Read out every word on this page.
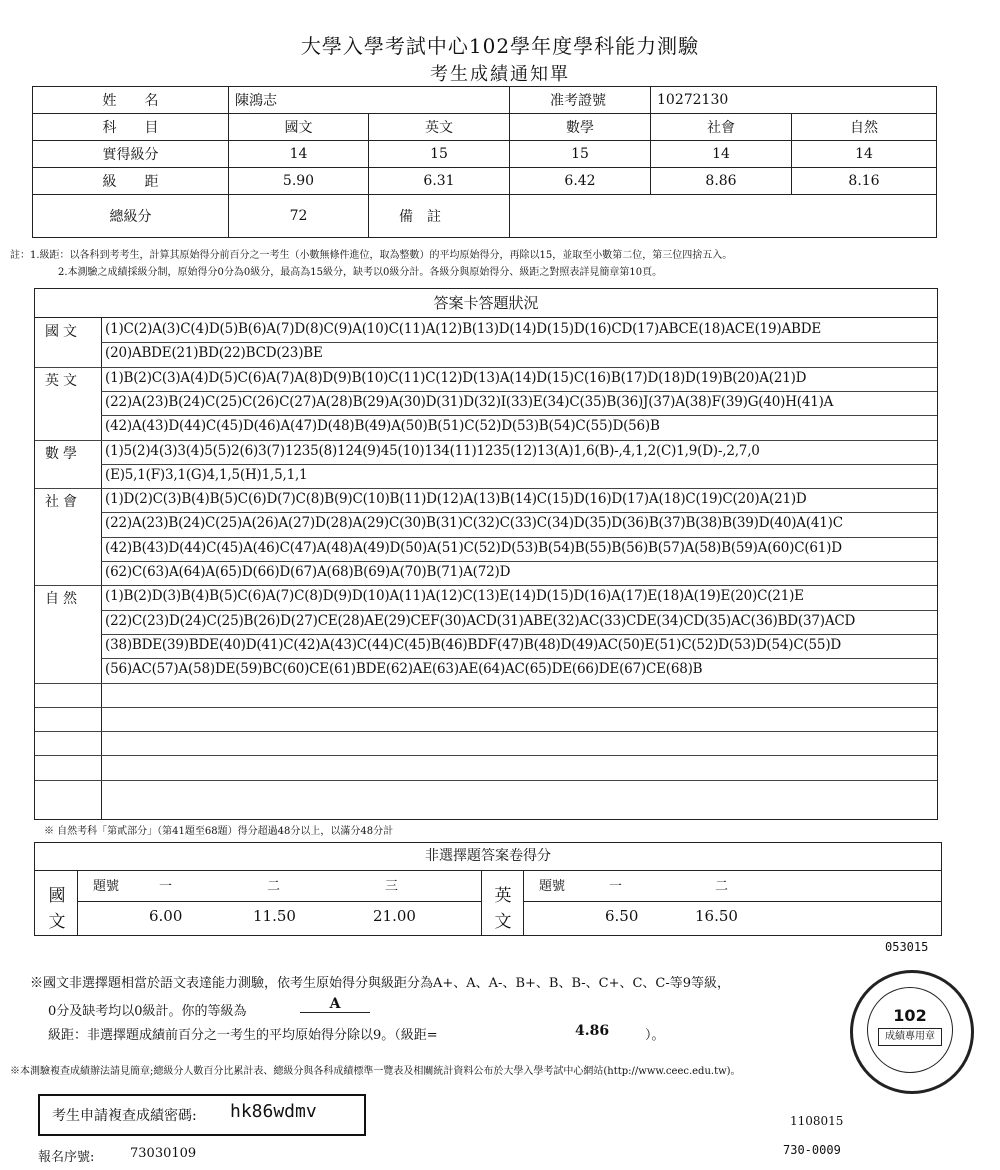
大學入學考試中心102學年度學科能力測驗
考生成績通知單
姓　　名	陳鴻志		准考證號	10272130	
科　　目	國文	英文	數學	社會	自然
實得級分	14	15	15	14	14
級　　距	5.90	6.31	6.42	8.86	8.16
總級分	72	備　註			
註：1.級距：以各科到考考生，計算其原始得分前百分之一考生（小數無條件進位，取為整數）的平均原始得分，再除以15，並取至小數第二位，第三位四捨五入。
2.本測驗之成績採級分制，原始得分0分為0級分，最高為15級分，缺考以0級分計。各級分與原始得分、級距之對照表詳見簡章第10頁。
答案卡答題狀況
國文 (1)C(2)A(3)C(4)D(5)B(6)A(7)D(8)C(9)A(10)C(11)A(12)B(13)D(14)D(15)D(16)CD(17)ABCE(18)ACE(19)ABDE
(20)ABDE(21)BD(22)BCD(23)BE
英文 (1)B(2)C(3)A(4)D(5)C(6)A(7)A(8)D(9)B(10)C(11)C(12)D(13)A(14)D(15)C(16)B(17)D(18)D(19)B(20)A(21)D
(22)A(23)B(24)C(25)C(26)C(27)A(28)B(29)A(30)D(31)D(32)I(33)E(34)C(35)B(36)J(37)A(38)F(39)G(40)H(41)A
(42)A(43)D(44)C(45)D(46)A(47)D(48)B(49)A(50)B(51)C(52)D(53)B(54)C(55)D(56)B
數學 (1)5(2)4(3)3(4)5(5)2(6)3(7)1235(8)124(9)45(10)134(11)1235(12)13(A)1,6(B)-,4,1,2(C)1,9(D)-,2,7,0
(E)5,1(F)3,1(G)4,1,5(H)1,5,1,1
社會 (1)D(2)C(3)B(4)B(5)C(6)D(7)C(8)B(9)C(10)B(11)D(12)A(13)B(14)C(15)D(16)D(17)A(18)C(19)C(20)A(21)D
(22)A(23)B(24)C(25)A(26)A(27)D(28)A(29)C(30)B(31)C(32)C(33)C(34)D(35)D(36)B(37)B(38)B(39)D(40)A(41)C
(42)B(43)D(44)C(45)A(46)C(47)A(48)A(49)D(50)A(51)C(52)D(53)B(54)B(55)B(56)B(57)A(58)B(59)A(60)C(61)D
(62)C(63)A(64)A(65)D(66)D(67)A(68)B(69)A(70)B(71)A(72)D
自然 (1)B(2)D(3)B(4)B(5)C(6)A(7)C(8)D(9)D(10)A(11)A(12)C(13)E(14)D(15)D(16)A(17)E(18)A(19)E(20)C(21)E
(22)C(23)D(24)C(25)B(26)D(27)CE(28)AE(29)CEF(30)ACD(31)ABE(32)AC(33)CDE(34)CD(35)AC(36)BD(37)ACD
(38)BDE(39)BDE(40)D(41)C(42)A(43)C(44)C(45)B(46)BDF(47)B(48)D(49)AC(50)E(51)C(52)D(53)D(54)C(55)D
(56)AC(57)A(58)DE(59)BC(60)CE(61)BDE(62)AE(63)AE(64)AC(65)DE(66)DE(67)CE(68)B
※ 自然考科「第貳部分」（第41題至68題）得分超過48分以上，以滿分48分計
非選擇題答案卷得分
國
文
英
文
題號	一	二	三
6.00	11.50	21.00
題號	一	二
6.50	16.50
053015
※國文非選擇題相當於語文表達能力測驗，依考生原始得分與級距分為A+、A、A-、B+、B、B-、C+、C、C-等9等級，
0分及缺考均以0級計。你的等級為	A
級距：非選擇題成績前百分之一考生的平均原始得分除以9。（級距=	4.86	）。
※本測驗複查成績辦法請見簡章;總級分人數百分比累計表、總級分與各科成績標準一覽表及相關統計資料公布於大學入學考試中心網站(http://www.ceec.edu.tw)。
102
成績專用章
考生申請複查成績密碼: hk86wdmv
報名序號:	73030109
1108015
730-0009
